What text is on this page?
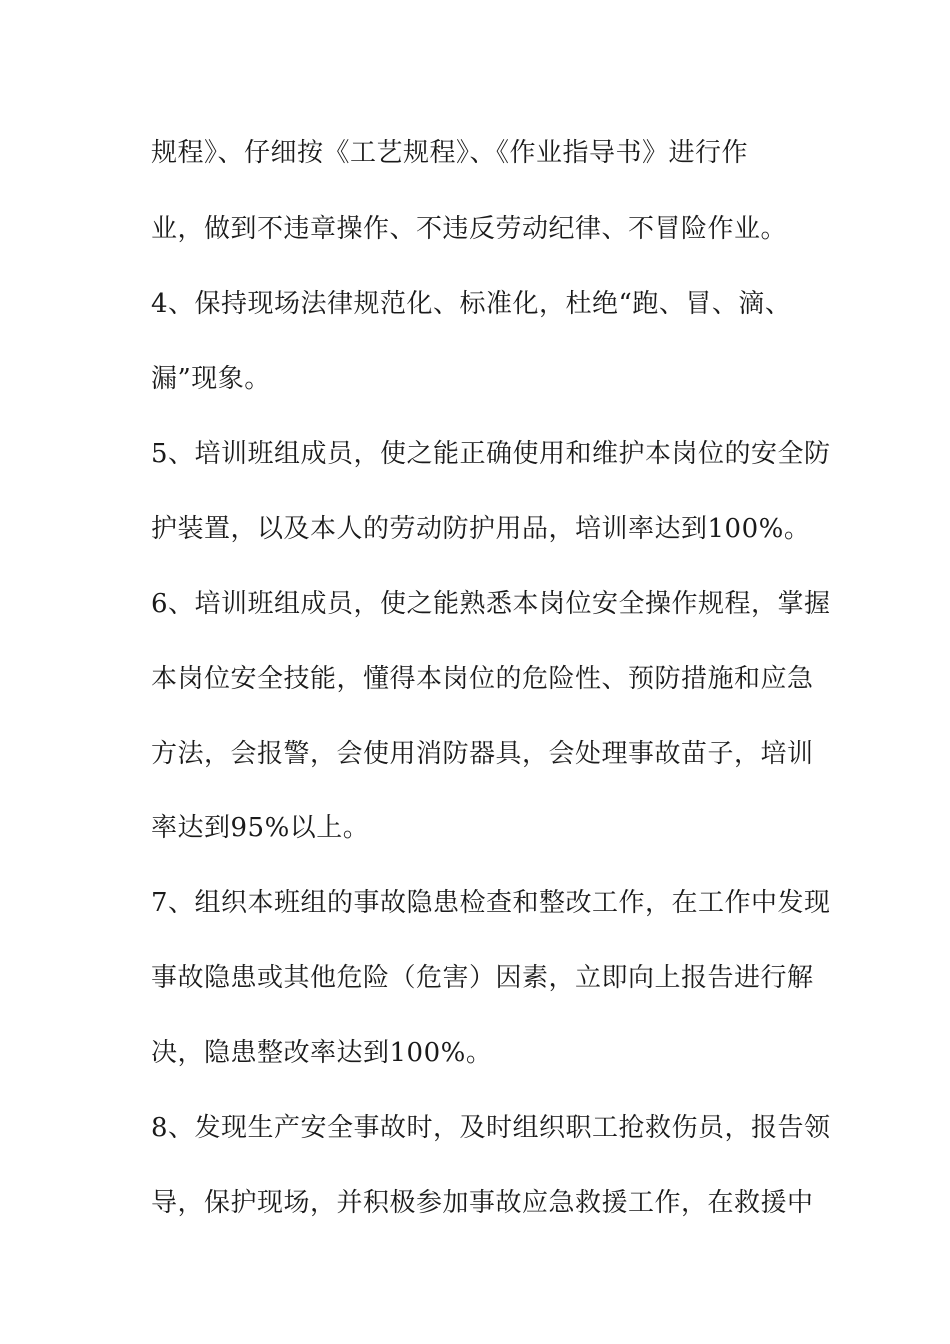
规程》、仔细按《工艺规程》、《作业指导书》进行作
业，做到不违章操作、不违反劳动纪律、不冒险作业。
4、保持现场法律规范化、标准化，杜绝“跑、冒、滴、
漏”现象。
5、培训班组成员，使之能正确使用和维护本岗位的安全防
护装置，以及本人的劳动防护用品，培训率达到100%。
6、培训班组成员，使之能熟悉本岗位安全操作规程，掌握
本岗位安全技能，懂得本岗位的危险性、预防措施和应急
方法，会报警，会使用消防器具，会处理事故苗子，培训
率达到95%以上。
7、组织本班组的事故隐患检查和整改工作，在工作中发现
事故隐患或其他危险（危害）因素，立即向上报告进行解
决，隐患整改率达到100%。
8、发现生产安全事故时，及时组织职工抢救伤员，报告领
导，保护现场，并积极参加事故应急救援工作，在救援中
